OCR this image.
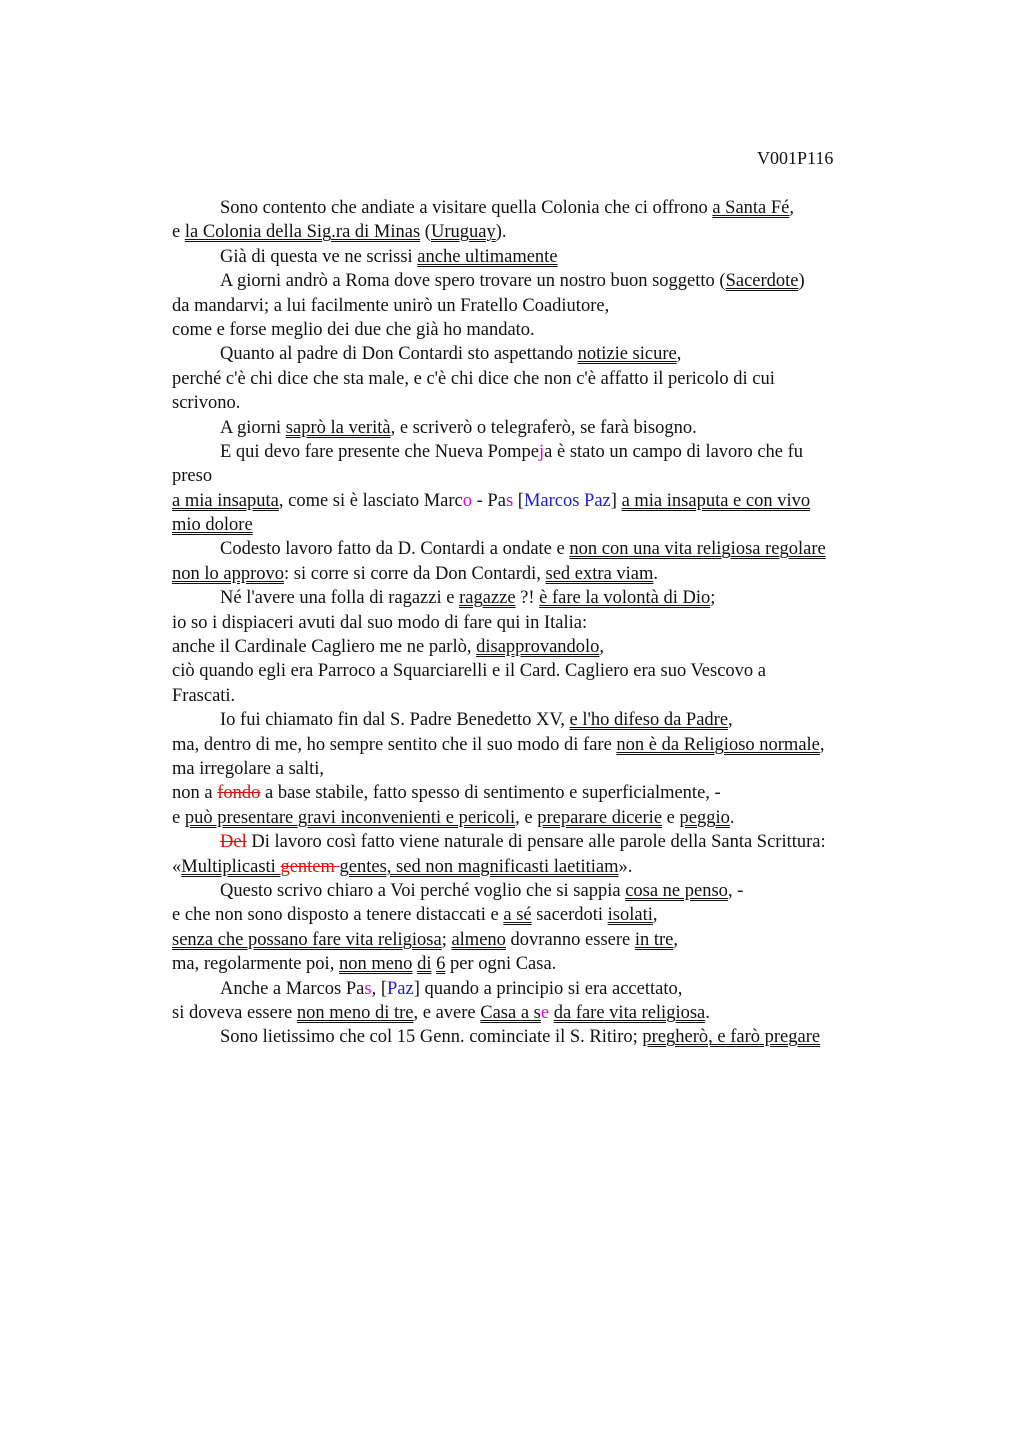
V001P116
Sono contento che andiate a visitare quella Colonia che ci offrono a Santa Fé,
e la Colonia della Sig.ra di Minas (Uruguay).
Già di questa ve ne scrissi anche ultimamente
A giorni andrò a Roma dove spero trovare un nostro buon soggetto (Sacerdote)
da mandarvi; a lui facilmente unirò un Fratello Coadiutore,
come e forse meglio dei due che già ho mandato.
Quanto al padre di Don Contardi sto aspettando notizie sicure,
perché c'è chi dice che sta male, e c'è chi dice che non c'è affatto il pericolo di cui
scrivono.
A giorni saprò la verità, e scriverò o telegraferò, se farà bisogno.
E qui devo fare presente che Nueva Pompeja è stato un campo di lavoro che fu
preso
a mia insaputa, come si è lasciato Marco - Pas [Marcos Paz] a mia insaputa e con vivo
mio dolore
Codesto lavoro fatto da D. Contardi a ondate e non con una vita religiosa regolare
non lo approvo: si corre si corre da Don Contardi, sed extra viam.
Né l'avere una folla di ragazzi e ragazze ?! è fare la volontà di Dio;
io so i dispiaceri avuti dal suo modo di fare qui in Italia:
anche il Cardinale Cagliero me ne parlò, disapprovandolo,
ciò quando egli era Parroco a Squarciarelli e il Card. Cagliero era suo Vescovo a
Frascati.
Io fui chiamato fin dal S. Padre Benedetto XV, e l'ho difeso da Padre,
ma, dentro di me, ho sempre sentito che il suo modo di fare non è da Religioso normale,
ma irregolare a salti,
non a fondo a base stabile, fatto spesso di sentimento e superficialmente, -
e può presentare gravi inconvenienti e pericoli, e preparare dicerie e peggio.
Del Di lavoro così fatto viene naturale di pensare alle parole della Santa Scrittura:
«Multiplicasti gentem gentes, sed non magnificasti laetitiam».
Questo scrivo chiaro a Voi perché voglio che si sappia cosa ne penso, -
e che non sono disposto a tenere distaccati e a sé sacerdoti isolati,
senza che possano fare vita religiosa; almeno dovranno essere in tre,
ma, regolarmente poi, non meno di 6 per ogni Casa.
Anche a Marcos Pas, [Paz] quando a principio si era accettato,
si doveva essere non meno di tre, e avere Casa a se da fare vita religiosa.
Sono lietissimo che col 15 Genn. cominciate il S. Ritiro; pregherò, e farò pregare
